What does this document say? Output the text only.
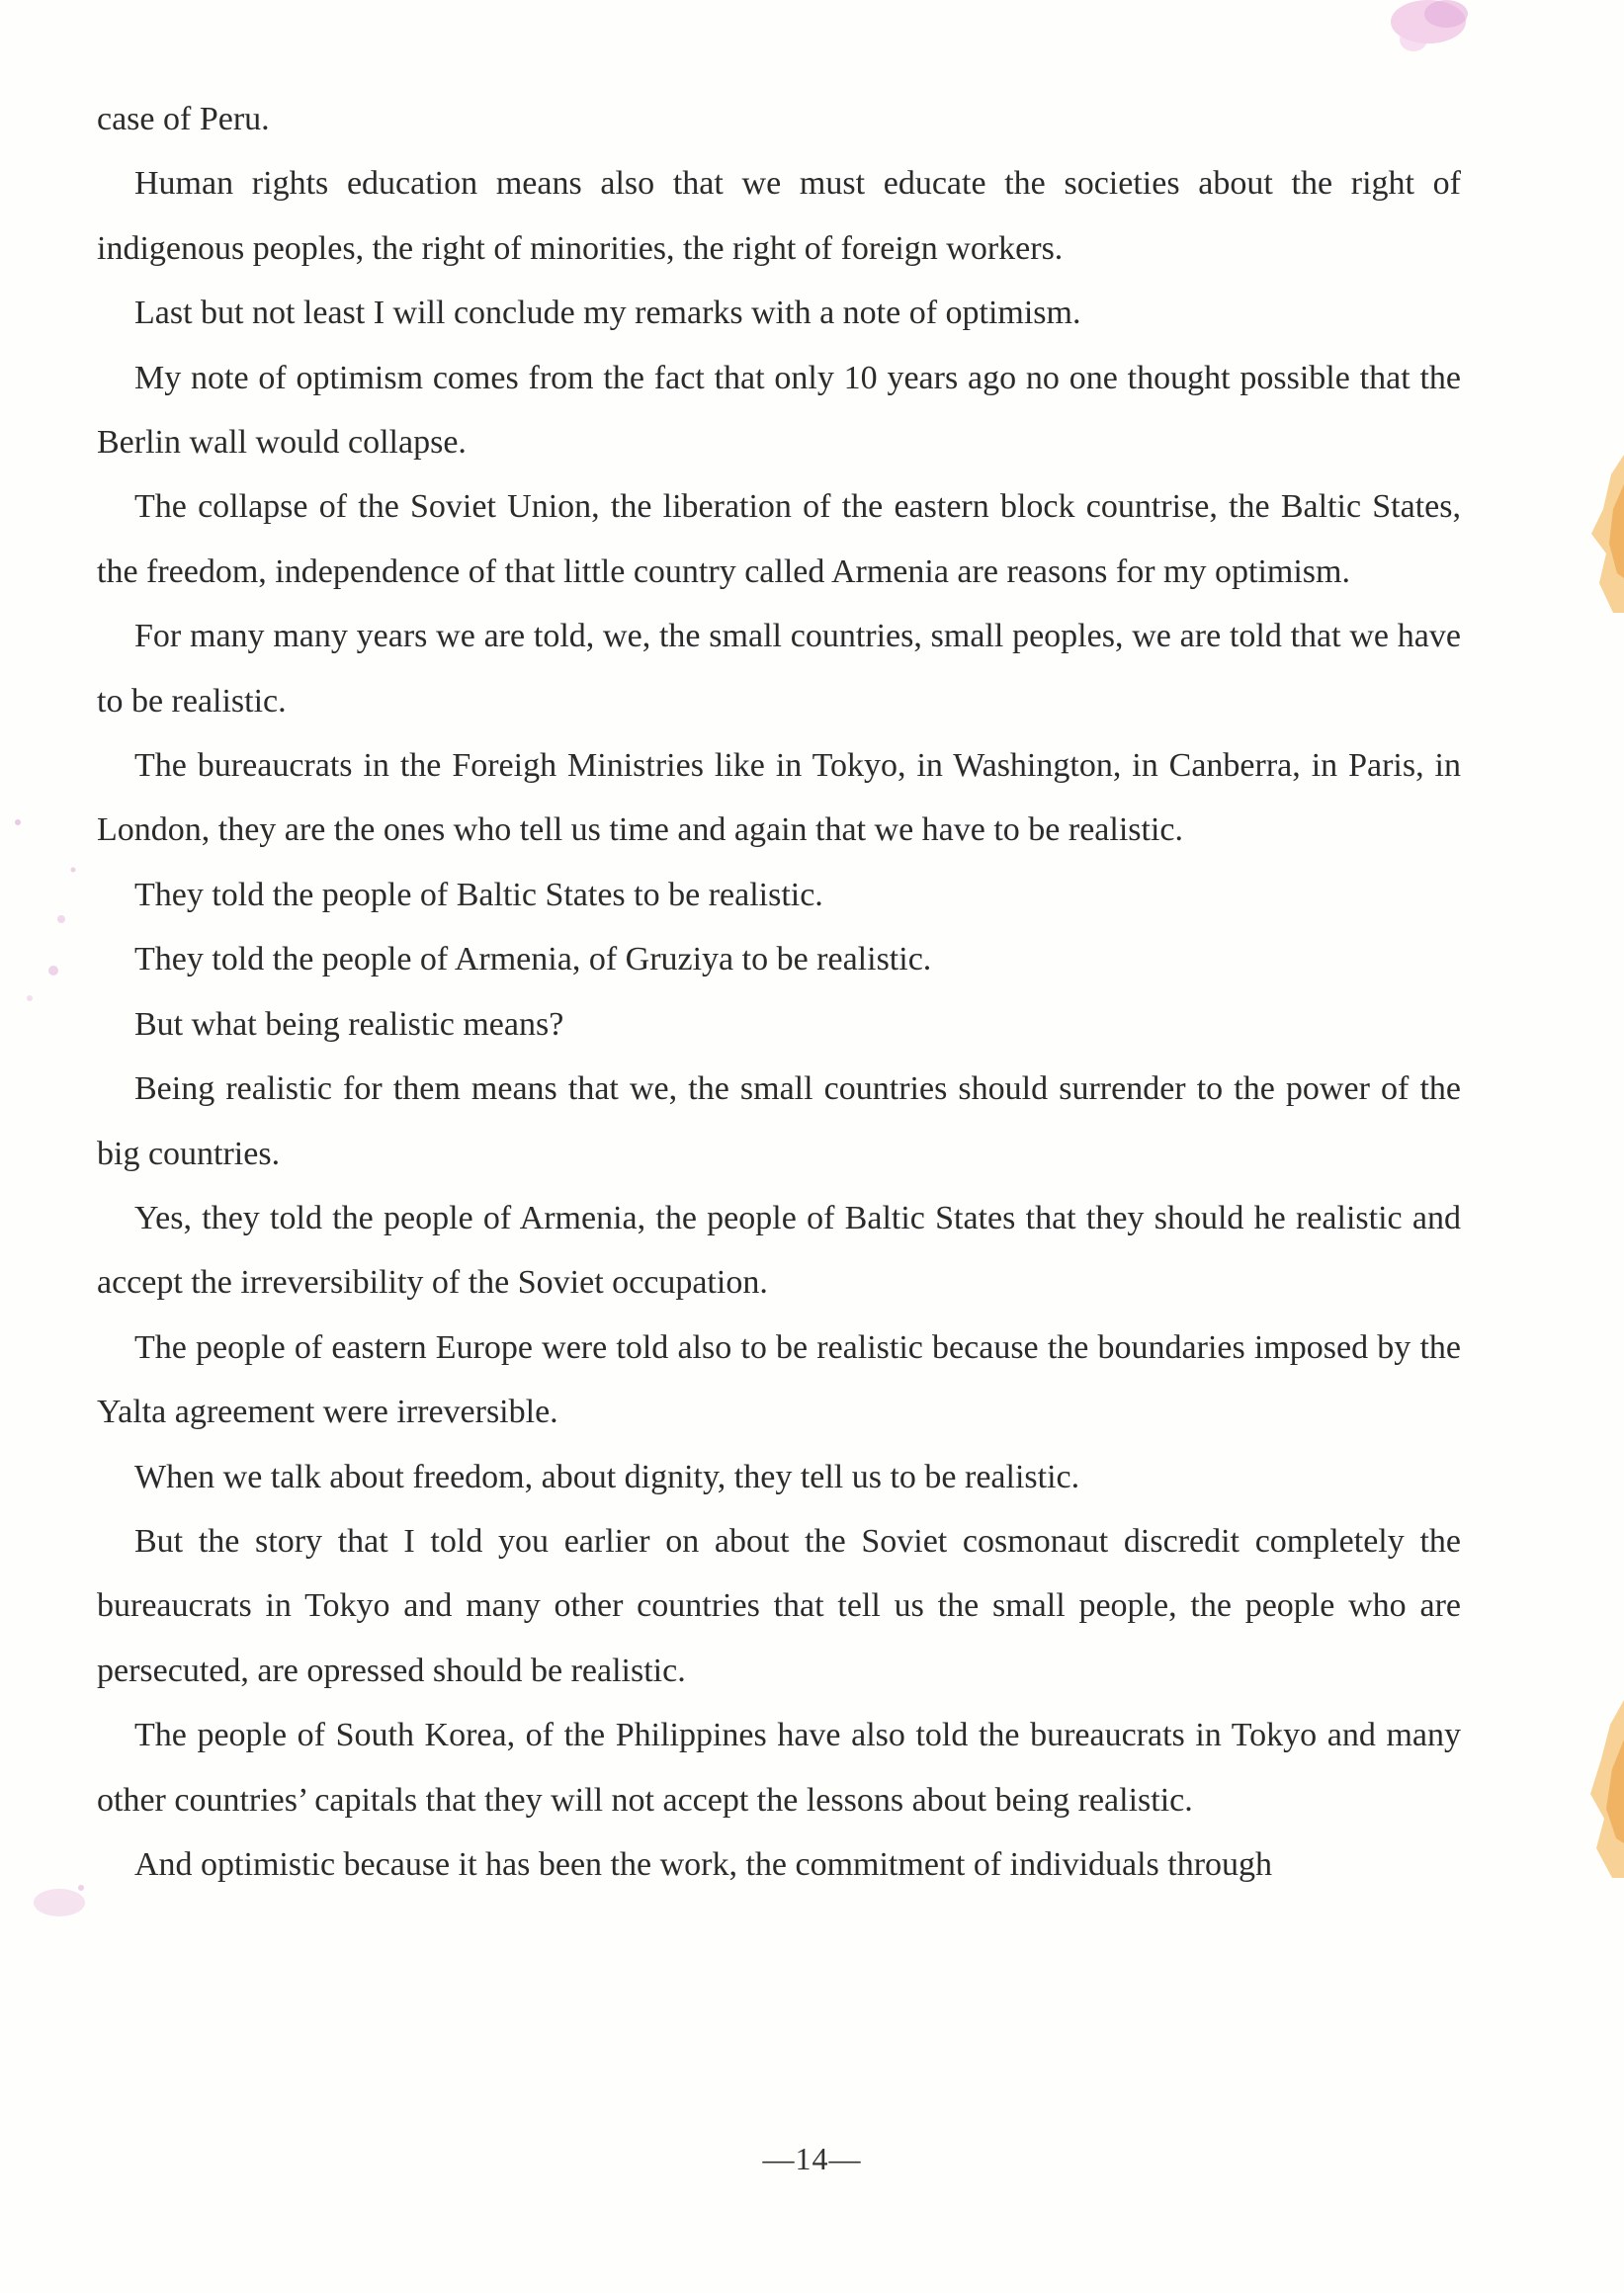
case of Peru.

Human rights education means also that we must educate the societies about the right of indigenous peoples, the right of minorities, the right of foreign workers.

Last but not least I will conclude my remarks with a note of optimism.

My note of optimism comes from the fact that only 10 years ago no one thought possible that the Berlin wall would collapse.

The collapse of the Soviet Union, the liberation of the eastern block countrise, the Baltic States, the freedom, independence of that little country called Armenia are reasons for my optimism.

For many many years we are told, we, the small countries, small peoples, we are told that we have to be realistic.

The bureaucrats in the Foreigh Ministries like in Tokyo, in Washington, in Canberra, in Paris, in London, they are the ones who tell us time and again that we have to be realistic.

They told the people of Baltic States to be realistic.

They told the people of Armenia, of Gruziya to be realistic.

But what being realistic means?

Being realistic for them means that we, the small countries should surrender to the power of the big countries.

Yes, they told the people of Armenia, the people of Baltic States that they should he realistic and accept the irreversibility of the Soviet occupation.

The people of eastern Europe were told also to be realistic because the boundaries imposed by the Yalta agreement were irreversible.

When we talk about freedom, about dignity, they tell us to be realistic.

But the story that I told you earlier on about the Soviet cosmonaut discredit completely the bureaucrats in Tokyo and many other countries that tell us the small people, the people who are persecuted, are opressed should be realistic.

The people of South Korea, of the Philippines have also told the bureaucrats in Tokyo and many other countries’ capitals that they will not accept the lessons about being realistic.

And optimistic because it has been the work, the commitment of individuals through

—14—
